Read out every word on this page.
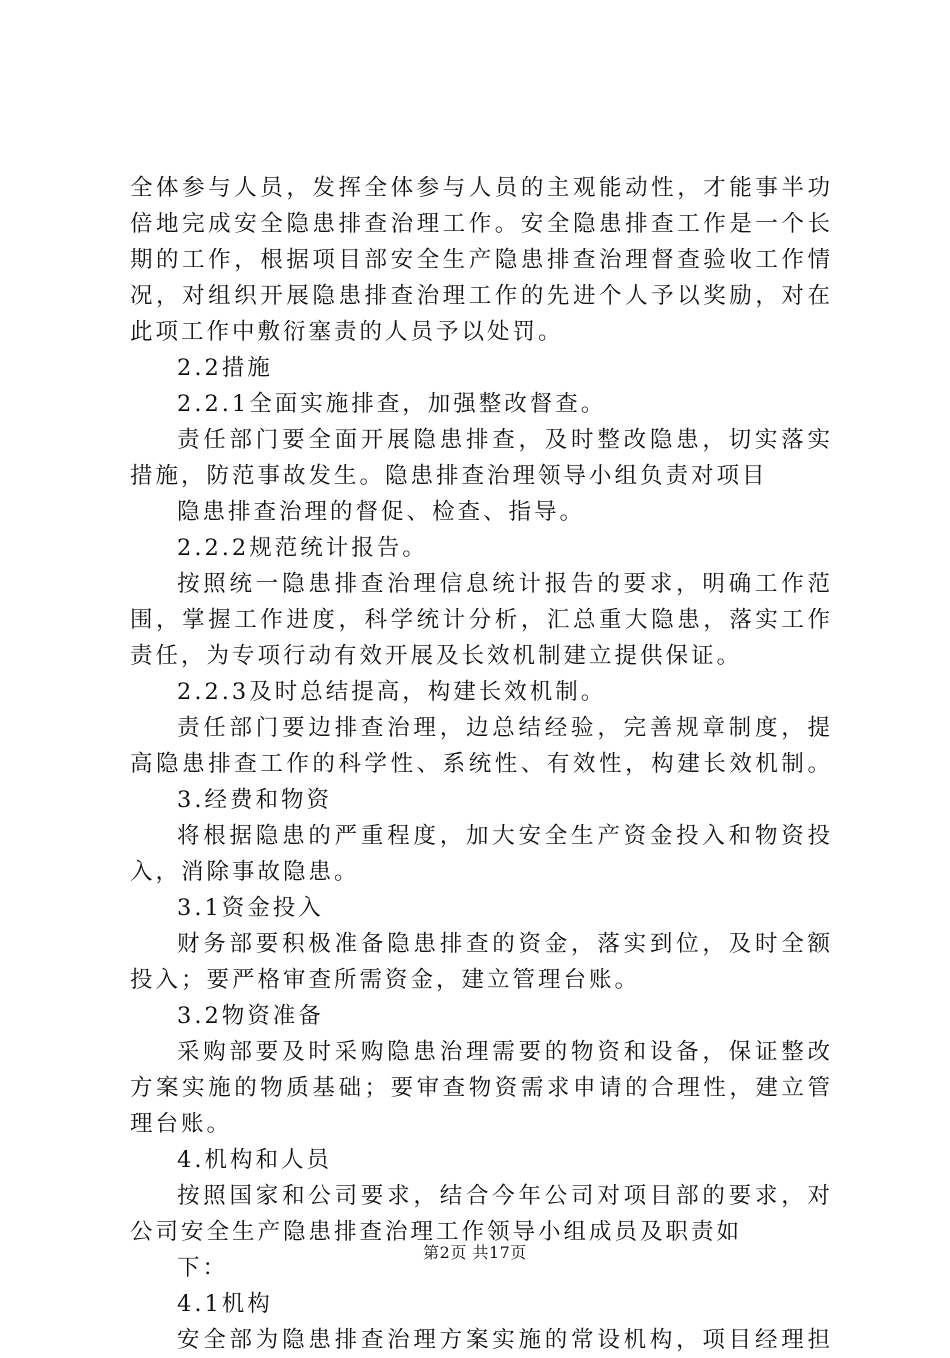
全体参与人员，发挥全体参与人员的主观能动性，才能事半功
倍地完成安全隐患排查治理工作。安全隐患排查工作是一个长
期的工作，根据项目部安全生产隐患排查治理督查验收工作情
况，对组织开展隐患排查治理工作的先进个人予以奖励，对在
此项工作中敷衍塞责的人员予以处罚。
2.2措施
2.2.1全面实施排查，加强整改督查。
责任部门要全面开展隐患排查，及时整改隐患，切实落实
措施，防范事故发生。隐患排查治理领导小组负责对项目
隐患排查治理的督促、检查、指导。
2.2.2规范统计报告。
按照统一隐患排查治理信息统计报告的要求，明确工作范
围，掌握工作进度，科学统计分析，汇总重大隐患，落实工作
责任，为专项行动有效开展及长效机制建立提供保证。
2.2.3及时总结提高，构建长效机制。
责任部门要边排查治理，边总结经验，完善规章制度，提
高隐患排查工作的科学性、系统性、有效性，构建长效机制。
3.经费和物资
将根据隐患的严重程度，加大安全生产资金投入和物资投
入，消除事故隐患。
3.1资金投入
财务部要积极准备隐患排查的资金，落实到位，及时全额
投入；要严格审查所需资金，建立管理台账。
3.2物资准备
采购部要及时采购隐患治理需要的物资和设备，保证整改
方案实施的物质基础；要审查物资需求申请的合理性，建立管
理台账。
4.机构和人员
按照国家和公司要求，结合今年公司对项目部的要求，对
公司安全生产隐患排查治理工作领导小组成员及职责如
下：
4.1机构
安全部为隐患排查治理方案实施的常设机构，项目经理担
第2页 共17页
